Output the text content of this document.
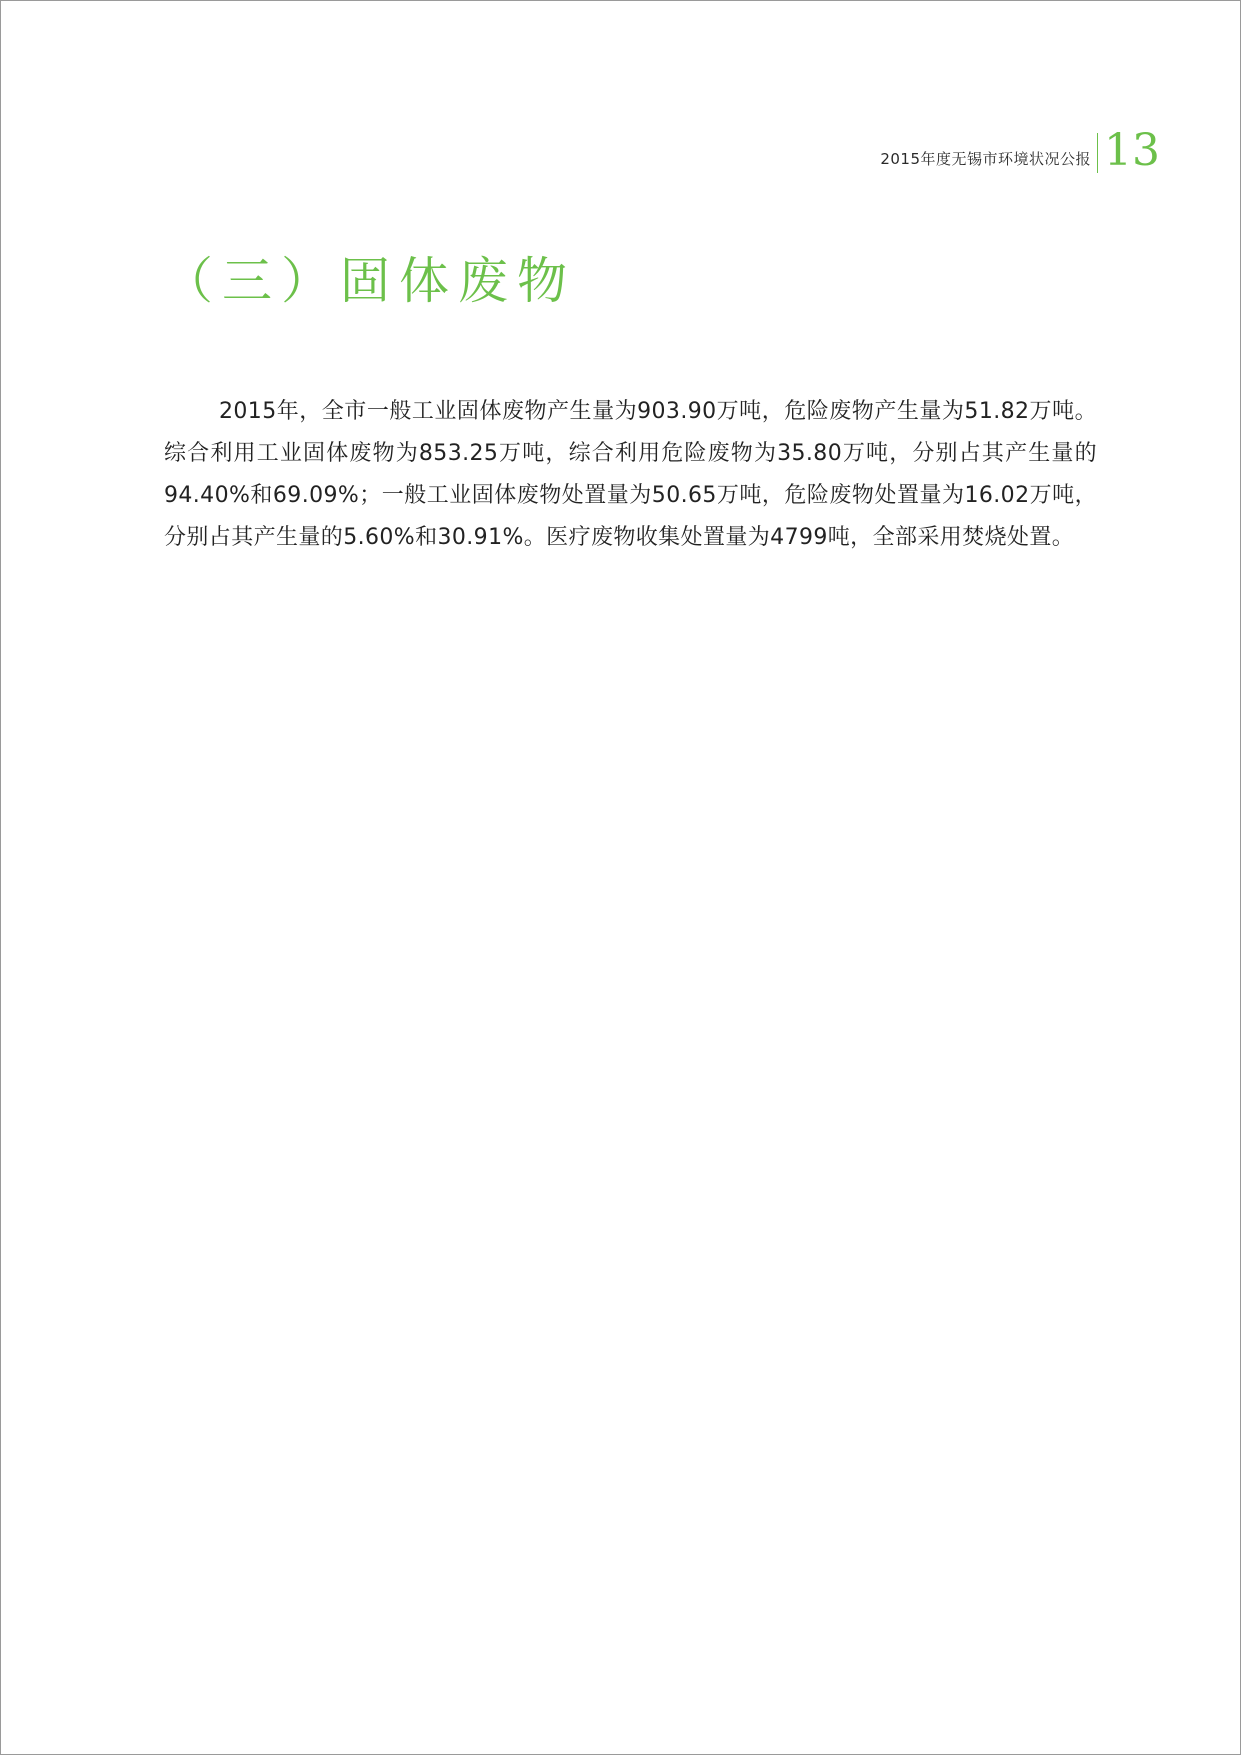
2015年度无锡市环境状况公报 13
（三）固体废物

2015年，全市一般工业固体废物产生量为903.90万吨，危险废物产生量为51.82万吨。综合利用工业固体废物为853.25万吨，综合利用危险废物为35.80万吨，分别占其产生量的94.40%和69.09%；一般工业固体废物处置量为50.65万吨，危险废物处置量为16.02万吨，分别占其产生量的5.60%和30.91%。医疗废物收集处置量为4799吨，全部采用焚烧处置。
